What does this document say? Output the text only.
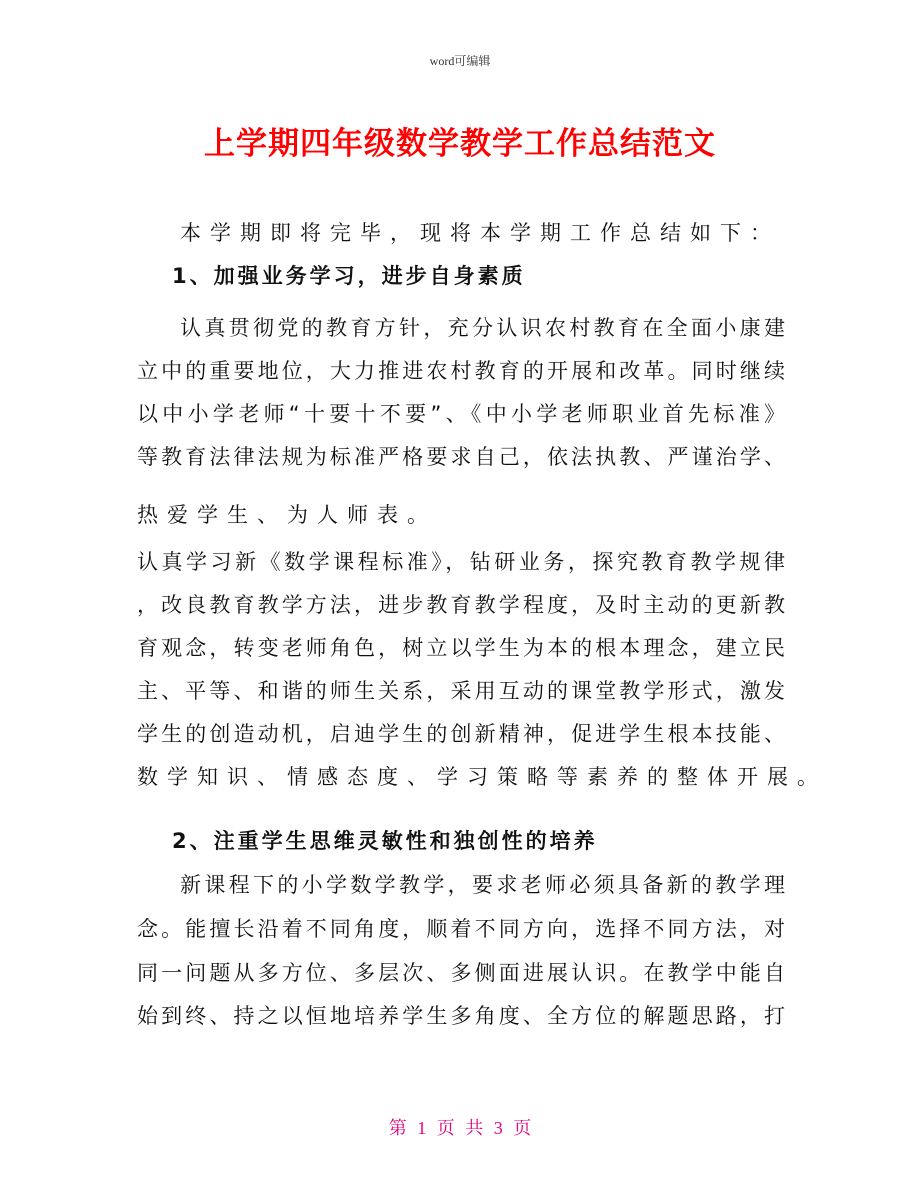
word可编辑
上学期四年级数学教学工作总结范文
本学期即将完毕，现将本学期工作总结如下：
1、加强业务学习，进步自身素质
认真贯彻党的教育方针，充分认识农村教育在全面小康建
立中的重要地位，大力推进农村教育的开展和改革。同时继续
以中小学老师“十要十不要”、《中小学老师职业首先标准》
等教育法律法规为标准严格要求自己，依法执教、严谨治学、
热爱学生、为人师表。
认真学习新《数学课程标准》，钻研业务，探究教育教学规律
，改良教育教学方法，进步教育教学程度，及时主动的更新教
育观念，转变老师角色，树立以学生为本的根本理念，建立民
主、平等、和谐的师生关系，采用互动的课堂教学形式，激发
学生的创造动机，启迪学生的创新精神，促进学生根本技能、
数学知识、情感态度、学习策略等素养的整体开展。
2、注重学生思维灵敏性和独创性的培养
新课程下的小学数学教学，要求老师必须具备新的教学理
念。能擅长沿着不同角度，顺着不同方向，选择不同方法，对
同一问题从多方位、多层次、多侧面进展认识。在教学中能自
始到终、持之以恒地培养学生多角度、全方位的解题思路，打
第 1 页 共 3 页
